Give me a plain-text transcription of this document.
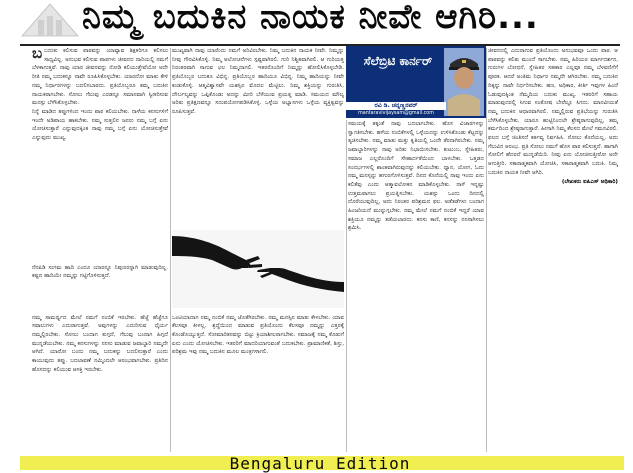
ನಿಮ್ಮ ಬದುಕಿನ ನಾಯಕ ನೀವೇ ಆಗಿರಿ...

ಬಬದುಕು ಕಲಿಸುವ ಪಾಠವನ್ನು ಯಾವ್ಯಾವ ಶಿಕ್ಷಕರಿಗೂ ಕಲಿಸಲು ಸಾಧ್ಯವಿಲ್ಲ. ಅನುಭವ ಕಲಿಸುವ ಪಾಠಗಳು ಜೀವನದ ದಾರಿಯಲ್ಲಿ ನಮಗೆ ಬೆಳಕಾಗುತ್ತವೆ. ನಾವು ಯಾರ ಜೀವನವನ್ನು ನೋಡಿ ಕಲಿಯುತ್ತೇವೆಯೋ ಅದೇ ರೀತಿ ನಮ್ಮ ಬದುಕನ್ನೂ ನಾವೇ ರೂಪಿಸಿಕೊಳ್ಳಬೇಕು. ಯಾರದೋ ಮಾತು ಕೇಳಿ ನಮ್ಮ ನಿರ್ಧಾರಗಳನ್ನು ಬದಲಿಸಬಾರದು. ಪ್ರತಿಯೊಬ್ಬರೂ ತಮ್ಮ ಬದುಕಿನ ನಾಯಕರಾಗಬೇಕು. ಸೋಲು ಗೆಲುವು ಎರಡನ್ನೂ ಸಮಾನವಾಗಿ ಸ್ವೀಕರಿಸುವ ಮನಸ್ಸು ಬೆಳೆಸಿಕೊಳ್ಳಬೇಕು.

ನಿನ್ನೆ ಮಾಡಿದ ತಪ್ಪುಗಳಿಂದ ಇಂದು ಪಾಠ ಕಲಿಯಬೇಕು. ನಾಳೆಯ ಕನಸುಗಳಿಗೆ ಇಂದೇ ಅಡಿಪಾಯ ಹಾಕಬೇಕು. ನಮ್ಮ ಸುತ್ತಲಿನ ಜನರು ನಮ್ಮ ಬಗ್ಗೆ ಏನು ಯೋಚಿಸುತ್ತಾರೆ ಎನ್ನುವುದಕ್ಕಿಂತ ನಾವು ನಮ್ಮ ಬಗ್ಗೆ ಏನು ಯೋಚಿಸುತ್ತೇವೆ ಎನ್ನುವುದು ಮುಖ್ಯ.

ನೆನಪಿಡಿ ಸುಗಮ ಹಾದಿ ಎಂದೂ ಯಾರನ್ನೂ ನಿಪುಣರನ್ನಾಗಿ ಮಾಡುವುದಿಲ್ಲ. ಕಷ್ಟದ ಹಾದಿಯೇ ನಮ್ಮನ್ನು ಗಟ್ಟಿಗೊಳಿಸುತ್ತದೆ.

ನಮ್ಮ ಸಾಮರ್ಥ್ಯದ ಮೇಲೆ ನಮಗೆ ನಂಬಿಕೆ ಇರಬೇಕು. ಹೆಜ್ಜೆ ಹೆಜ್ಜೆಗೂ ಸವಾಲುಗಳು ಎದುರಾಗುತ್ತವೆ. ಅವುಗಳನ್ನು ಎದುರಿಸುವ ಧೈರ್ಯ ನಮ್ಮಲ್ಲಿರಬೇಕು. ಸೋಲು ಬಂದಾಗ ಕುಗ್ಗದೆ, ಗೆಲುವು ಬಂದಾಗ ಹಿಗ್ಗದೆ ಮುನ್ನಡೆಯಬೇಕು. ನಮ್ಮ ಕನಸುಗಳನ್ನು ನನಸು ಮಾಡುವ ಜವಾಬ್ದಾರಿ ನಮ್ಮದೇ ಆಗಿದೆ. ಯಾರೋ ಬಂದು ನಮ್ಮ ಬದುಕನ್ನು ಬದಲಿಸುತ್ತಾರೆ ಎಂದು ಕಾಯುವುದು ತಪ್ಪು. ಬದಲಾವಣೆ ನಮ್ಮಿಂದಲೇ ಆರಂಭವಾಗಬೇಕು. ಪ್ರತಿದಿನ ಹೊಸದನ್ನು ಕಲಿಯುವ ಆಸಕ್ತಿ ಇರಬೇಕು.

ಮುಖ್ಯವಾಗಿ ನಾವು ಯಾರೆಂದು ನಮಗೆ ಅರಿವಿರಬೇಕು. ನಿಮ್ಮ ಬದುಕಿನ ನಾಯಕ ನೀವೇ. ನಿಮ್ಮನ್ನು ನೀವು ಗೌರವಿಸಿಕೊಳ್ಳಿ. ನಿಮ್ಮ ಆಲೋಚನೆಗಳು ಸ್ಪಷ್ಟವಾಗಿರಲಿ. ಗುರಿ ನಿಶ್ಚಿತವಾಗಿರಲಿ. ಆ ಗುರಿಯತ್ತ ನಿರಂತರವಾಗಿ ಸಾಗುವ ಛಲ ನಿಮ್ಮದಾಗಲಿ. ಇತರರೊಂದಿಗೆ ನಿಮ್ಮನ್ನು ಹೋಲಿಸಿಕೊಳ್ಳಬೇಡಿ. ಪ್ರತಿಯೊಬ್ಬರ ಬದುಕೂ ವಿಭಿನ್ನ. ಪ್ರತಿಯೊಬ್ಬರ ಹಾದಿಯೂ ವಿಭಿನ್ನ. ನಿಮ್ಮ ಹಾದಿಯನ್ನು ನೀವೇ ಕಂಡುಕೊಳ್ಳಿ. ಆತ್ಮವಿಶ್ವಾಸವೇ ಯಶಸ್ಸಿನ ಮೊದಲ ಮೆಟ್ಟಿಲು. ನಿಮ್ಮ ಶಕ್ತಿಯನ್ನು ಗುರುತಿಸಿ, ದೌರ್ಬಲ್ಯವನ್ನು ಒಪ್ಪಿಕೊಂಡು ಅದನ್ನು ಮೀರಿ ಬೆಳೆಯುವ ಪ್ರಯತ್ನ ಮಾಡಿ. ಸಮಯದ ಮೌಲ್ಯ ಅರಿತು ಪ್ರತಿಕ್ಷಣವನ್ನೂ ಸದುಪಯೋಗಪಡಿಸಿಕೊಳ್ಳಿ. ಒಳ್ಳೆಯ ಅಭ್ಯಾಸಗಳು ಒಳ್ಳೆಯ ವ್ಯಕ್ತಿತ್ವವನ್ನು ರೂಪಿಸುತ್ತವೆ.

ಒಂಟಿಯಾದಾಗ ನಮ್ಮ ನಂಬಿಕೆ ನಮ್ಮ ಜೊತೆಗಿರಬೇಕು. ನಮ್ಮ ಮನಸ್ಸಿನ ಮಾತು ಕೇಳಬೇಕು. ಯಾವ ಕೆಲಸವೂ ಕೀಳಲ್ಲ. ಶ್ರದ್ಧೆಯಿಂದ ಮಾಡುವ ಪ್ರತಿಯೊಂದು ಕೆಲಸವೂ ನಮ್ಮನ್ನು ಎತ್ತರಕ್ಕೆ ಕೊಂಡೊಯ್ಯುತ್ತದೆ. ಸೋಮಾರಿತನವನ್ನು ಬಿಟ್ಟು ಕ್ರಿಯಾಶೀಲರಾಗಬೇಕು. ಸಮಾಜಕ್ಕೆ ನಮ್ಮ ಕೊಡುಗೆ ಏನು ಎಂದು ಯೋಚಿಸಬೇಕು. ಇತರರಿಗೆ ಮಾದರಿಯಾಗುವಂತೆ ಬದುಕಬೇಕು. ಪ್ರಾಮಾಣಿಕತೆ, ಶಿಸ್ತು, ಪರಿಶ್ರಮ ಇವು ನಮ್ಮ ಬದುಕಿನ ಮೂಲ ಮಂತ್ರಗಳಾಗಲಿ.

ಸೆಲೆಬ್ರಿಟಿ ಕಾರ್ನರ್
ರವಿ ಡಿ. ಚನ್ನಣ್ಣನವರ್
mantaravivijaysam@gmail.com

ಸಮಯಕ್ಕೆ ತಕ್ಕಂತೆ ನಾವು ಬದಲಾಗಬೇಕು. ಹೊಸ ವಿಚಾರಗಳನ್ನು ಸ್ವಾಗತಿಸಬೇಕು. ಹಳೆಯ ನಂಬಿಕೆಗಳಲ್ಲಿ ಒಳ್ಳೆಯದನ್ನು ಉಳಿಸಿಕೊಂಡು ಕೆಟ್ಟದನ್ನು ತ್ಯಜಿಸಬೇಕು. ನಮ್ಮ ಮಾತು ಮತ್ತು ಕೃತಿಯಲ್ಲಿ ಒಂದೇ ತೆರನಾಗಿರಬೇಕು. ನಮ್ಮ ಜವಾಬ್ದಾರಿಗಳನ್ನು ನಾವು ಅರಿತು ನಿಭಾಯಿಸಬೇಕು. ಕುಟುಂಬ, ಸ್ನೇಹಿತರು, ಸಮಾಜ ಎಲ್ಲರೊಂದಿಗೆ ಸೌಹಾರ್ದತೆಯಿಂದ ಬಾಳಬೇಕು. ಒತ್ತಡದ ಸಂದರ್ಭಗಳಲ್ಲಿ ಶಾಂತವಾಗಿರುವುದನ್ನು ಕಲಿಯಬೇಕು. ಧ್ಯಾನ, ಯೋಗ, ಓದು ನಮ್ಮ ಮನಸ್ಸನ್ನು ಹಗುರಗೊಳಿಸುತ್ತವೆ. ದಿನದ ಕೊನೆಯಲ್ಲಿ ನಾವು ಇಂದು ಏನು ಕಲಿತೆವು ಎಂದು ಆತ್ಮಾವಲೋಕನ ಮಾಡಿಕೊಳ್ಳಬೇಕು. ನಾಳೆ ಇನ್ನಷ್ಟು ಉತ್ತಮವಾಗಲು ಪ್ರಯತ್ನಿಸಬೇಕು. ಯಶಸ್ಸು ಒಂದು ದಿನದಲ್ಲಿ ದೊರೆಯುವುದಿಲ್ಲ, ಅದು ನಿರಂತರ ಪರಿಶ್ರಮದ ಫಲ. ಅಡೆತಡೆಗಳು ಬಂದಾಗ ಹಿಂಜರಿಯದೆ ಮುನ್ನುಗ್ಗಬೇಕು. ನಮ್ಮ ಮೇಲೆ ನಮಗೆ ನಂಬಿಕೆ ಇದ್ದರೆ ಯಾವ ಶಕ್ತಿಯೂ ನಮ್ಮನ್ನು ತಡೆಯಲಾರದು. ಕನಸು ಕಾಣಿ, ಕನಸನ್ನು ನನಸಾಗಿಸಲು ಶ್ರಮಿಸಿ.

ಜೀವನದಲ್ಲಿ ಎದುರಾಗುವ ಪ್ರತಿಯೊಂದು ಅನುಭವವೂ ಒಂದು ಪಾಠ. ಆ ಪಾಠವನ್ನು ಕಲಿತು ಮುಂದೆ ಸಾಗಬೇಕು. ನಮ್ಮ ಹಿರಿಯರ ಮಾರ್ಗದರ್ಶನ, ಗುರುಗಳ ಬೋಧನೆ, ಸ್ನೇಹಿತರ ಸಹಕಾರ ಎಲ್ಲವೂ ನಮ್ಮ ಬೆಳವಣಿಗೆಗೆ ಪೂರಕ. ಆದರೆ ಅಂತಿಮ ನಿರ್ಧಾರ ನಮ್ಮದೇ ಆಗಿರಬೇಕು. ನಮ್ಮ ಬದುಕಿನ ದಿಕ್ಕನ್ನು ನಾವೇ ನಿರ್ಧರಿಸಬೇಕು. ಹಣ, ಅಧಿಕಾರ, ಕೀರ್ತಿ ಇವುಗಳ ಹಿಂದೆ ಓಡುವುದಕ್ಕಿಂತ ನೆಮ್ಮದಿಯ ಬದುಕು ಮುಖ್ಯ. ಇತರರಿಗೆ ಸಹಾಯ ಮಾಡುವುದರಲ್ಲಿ ಸಿಗುವ ಸಂತೋಷ ಬೇರೆಲ್ಲೂ ಸಿಗದು. ಮಾನವೀಯತೆ ನಮ್ಮ ಬದುಕಿನ ಆಧಾರವಾಗಿರಲಿ. ನಮ್ಮಲ್ಲಿರುವ ಪ್ರತಿಭೆಯನ್ನು ಗುರುತಿಸಿ ಬೆಳೆಸಿಕೊಳ್ಳಬೇಕು. ಯಾರೂ ಹುಟ್ಟಿನಿಂದಲೇ ಶ್ರೇಷ್ಠರಾಗುವುದಿಲ್ಲ, ತಮ್ಮ ಕರ್ಮದಿಂದ ಶ್ರೇಷ್ಠರಾಗುತ್ತಾರೆ. ಹೀಗಾಗಿ ನಿಮ್ಮ ಕೆಲಸದ ಮೇಲೆ ಗಮನವಿರಲಿ. ಫಲದ ಬಗ್ಗೆ ಚಿಂತಿಸದೆ ಕರ್ತವ್ಯ ನಿರ್ವಹಿಸಿ. ಸೋಲು ಕೊನೆಯಲ್ಲ, ಅದು ಗೆಲುವಿನ ಆರಂಭ. ಪ್ರತಿ ಸೋಲು ನಮಗೆ ಹೊಸ ಪಾಠ ಕಲಿಸುತ್ತದೆ. ಹಾಗಾಗಿ ಸೋಲಿಗೆ ಹೆದರದೆ ಮುನ್ನಡೆಯಿರಿ. ನೀವು ಏನು ಯೋಚಿಸುತ್ತೀರೋ ಅದೇ ಆಗುತ್ತೀರಿ. ಸಕಾರಾತ್ಮಕವಾಗಿ ಯೋಚಿಸಿ, ಸಕಾರಾತ್ಮಕವಾಗಿ ಬದುಕಿ. ನಿಮ್ಮ ಬದುಕಿನ ನಾಯಕ ನೀವೇ ಆಗಿರಿ.

(ಲೇಖಕರು ಐಪಿಎಸ್ ಅಧಿಕಾರಿ)

Bengaluru Edition
